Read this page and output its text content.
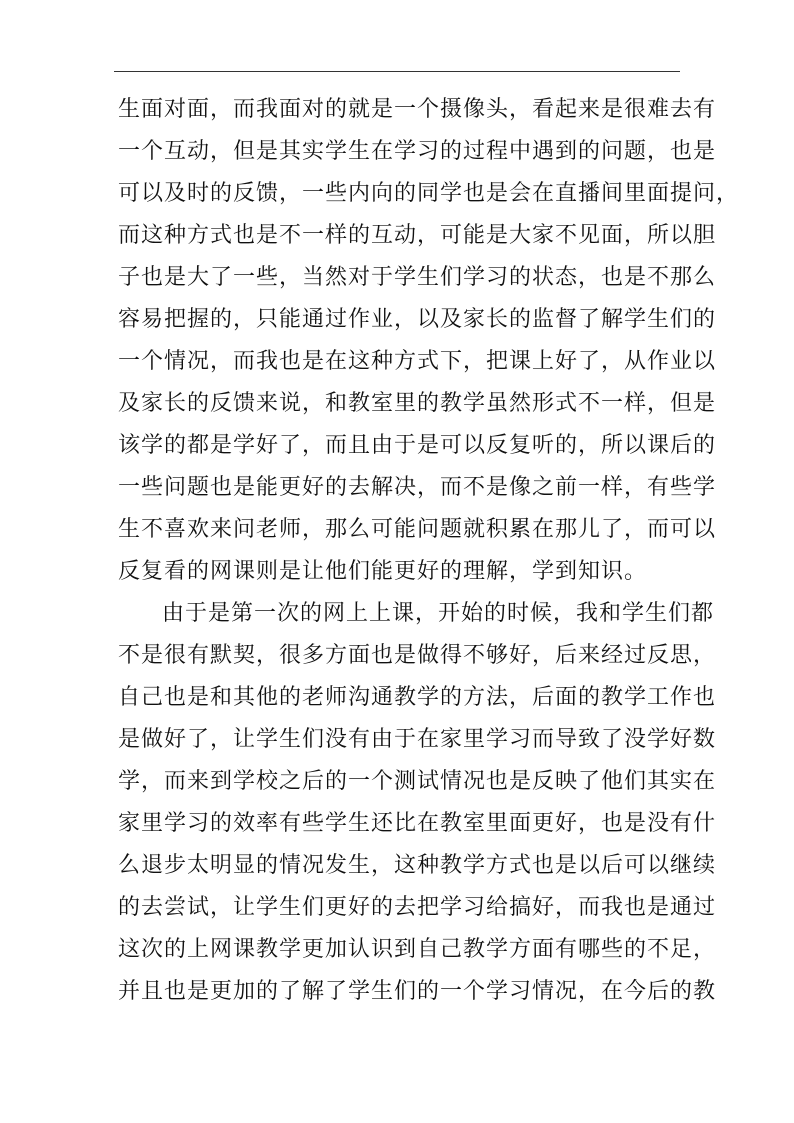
生面对面，而我面对的就是一个摄像头，看起来是很难去有
一个互动，但是其实学生在学习的过程中遇到的问题，也是
可以及时的反馈，一些内向的同学也是会在直播间里面提问，
而这种方式也是不一样的互动，可能是大家不见面，所以胆
子也是大了一些，当然对于学生们学习的状态，也是不那么
容易把握的，只能通过作业，以及家长的监督了解学生们的
一个情况，而我也是在这种方式下，把课上好了，从作业以
及家长的反馈来说，和教室里的教学虽然形式不一样，但是
该学的都是学好了，而且由于是可以反复听的，所以课后的
一些问题也是能更好的去解决，而不是像之前一样，有些学
生不喜欢来问老师，那么可能问题就积累在那儿了，而可以
反复看的网课则是让他们能更好的理解，学到知识。
由于是第一次的网上上课，开始的时候，我和学生们都
不是很有默契，很多方面也是做得不够好，后来经过反思，
自己也是和其他的老师沟通教学的方法，后面的教学工作也
是做好了，让学生们没有由于在家里学习而导致了没学好数
学，而来到学校之后的一个测试情况也是反映了他们其实在
家里学习的效率有些学生还比在教室里面更好，也是没有什
么退步太明显的情况发生，这种教学方式也是以后可以继续
的去尝试，让学生们更好的去把学习给搞好，而我也是通过
这次的上网课教学更加认识到自己教学方面有哪些的不足，
并且也是更加的了解了学生们的一个学习情况，在今后的教
